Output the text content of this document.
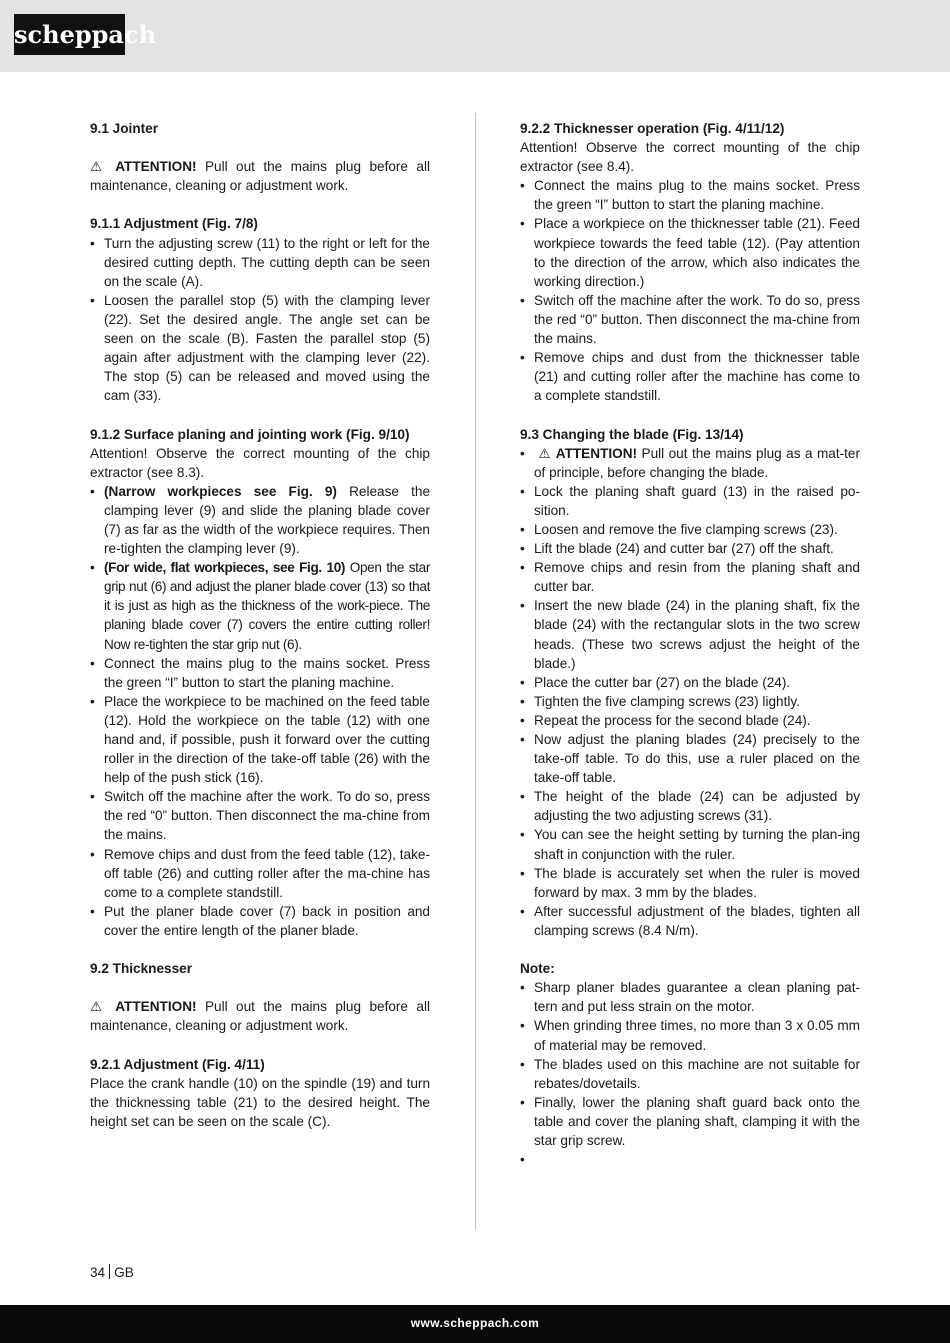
scheppach

9.1 Jointer

⚠ ATTENTION! Pull out the mains plug before all maintenance, cleaning or adjustment work.

9.1.1 Adjustment (Fig. 7/8)

• Turn the adjusting screw (11) to the right or left for the desired cutting depth. The cutting depth can be seen on the scale (A).
• Loosen the parallel stop (5) with the clamping lever (22). Set the desired angle. The angle set can be seen on the scale (B). Fasten the parallel stop (5) again after adjustment with the clamping lever (22). The stop (5) can be released and moved using the cam (33).

9.1.2 Surface planing and jointing work (Fig. 9/10)

Attention! Observe the correct mounting of the chip extractor (see 8.3).

• (Narrow workpieces see Fig. 9) Release the clamping lever (9) and slide the planing blade cover (7) as far as the width of the workpiece requires. Then re-tighten the clamping lever (9).
• (For wide, flat workpieces, see Fig. 10) Open the star grip nut (6) and adjust the planer blade cover (13) so that it is just as high as the thickness of the work-piece. The planing blade cover (7) covers the entire cutting roller! Now re-tighten the star grip nut (6).
• Connect the mains plug to the mains socket. Press the green “I” button to start the planing machine.
• Place the workpiece to be machined on the feed table (12). Hold the workpiece on the table (12) with one hand and, if possible, push it forward over the cutting roller in the direction of the take-off table (26) with the help of the push stick (16).
• Switch off the machine after the work. To do so, press the red “0” button. Then disconnect the ma-chine from the mains.
• Remove chips and dust from the feed table (12), take-off table (26) and cutting roller after the ma-chine has come to a complete standstill.
• Put the planer blade cover (7) back in position and cover the entire length of the planer blade.

9.2 Thicknesser

⚠ ATTENTION! Pull out the mains plug before all maintenance, cleaning or adjustment work.

9.2.1 Adjustment (Fig. 4/11)

Place the crank handle (10) on the spindle (19) and turn the thicknessing table (21) to the desired height. The height set can be seen on the scale (C).

9.2.2 Thicknesser operation (Fig. 4/11/12)

Attention! Observe the correct mounting of the chip extractor (see 8.4).

• Connect the mains plug to the mains socket. Press the green “I” button to start the planing machine.
• Place a workpiece on the thicknesser table (21). Feed workpiece towards the feed table (12). (Pay attention to the direction of the arrow, which also indicates the working direction.)
• Switch off the machine after the work. To do so, press the red “0” button. Then disconnect the ma-chine from the mains.
• Remove chips and dust from the thicknesser table (21) and cutting roller after the machine has come to a complete standstill.

9.3 Changing the blade (Fig. 13/14)

• ⚠ ATTENTION! Pull out the mains plug as a mat-ter of principle, before changing the blade.
• Lock the planing shaft guard (13) in the raised po-sition.
• Loosen and remove the five clamping screws (23).
• Lift the blade (24) and cutter bar (27) off the shaft.
• Remove chips and resin from the planing shaft and cutter bar.
• Insert the new blade (24) in the planing shaft, fix the blade (24) with the rectangular slots in the two screw heads. (These two screws adjust the height of the blade.)
• Place the cutter bar (27) on the blade (24).
• Tighten the five clamping screws (23) lightly.
• Repeat the process for the second blade (24).
• Now adjust the planing blades (24) precisely to the take-off table. To do this, use a ruler placed on the take-off table.
• The height of the blade (24) can be adjusted by adjusting the two adjusting screws (31).
• You can see the height setting by turning the plan-ing shaft in conjunction with the ruler.
• The blade is accurately set when the ruler is moved forward by max. 3 mm by the blades.
• After successful adjustment of the blades, tighten all clamping screws (8.4 N/m).

Note:

• Sharp planer blades guarantee a clean planing pat-tern and put less strain on the motor.
• When grinding three times, no more than 3 x 0.05 mm of material may be removed.
• The blades used on this machine are not suitable for rebates/dovetails.
• Finally, lower the planing shaft guard back onto the table and cover the planing shaft, clamping it with the star grip screw.
•
34 GB
www.scheppach.com
